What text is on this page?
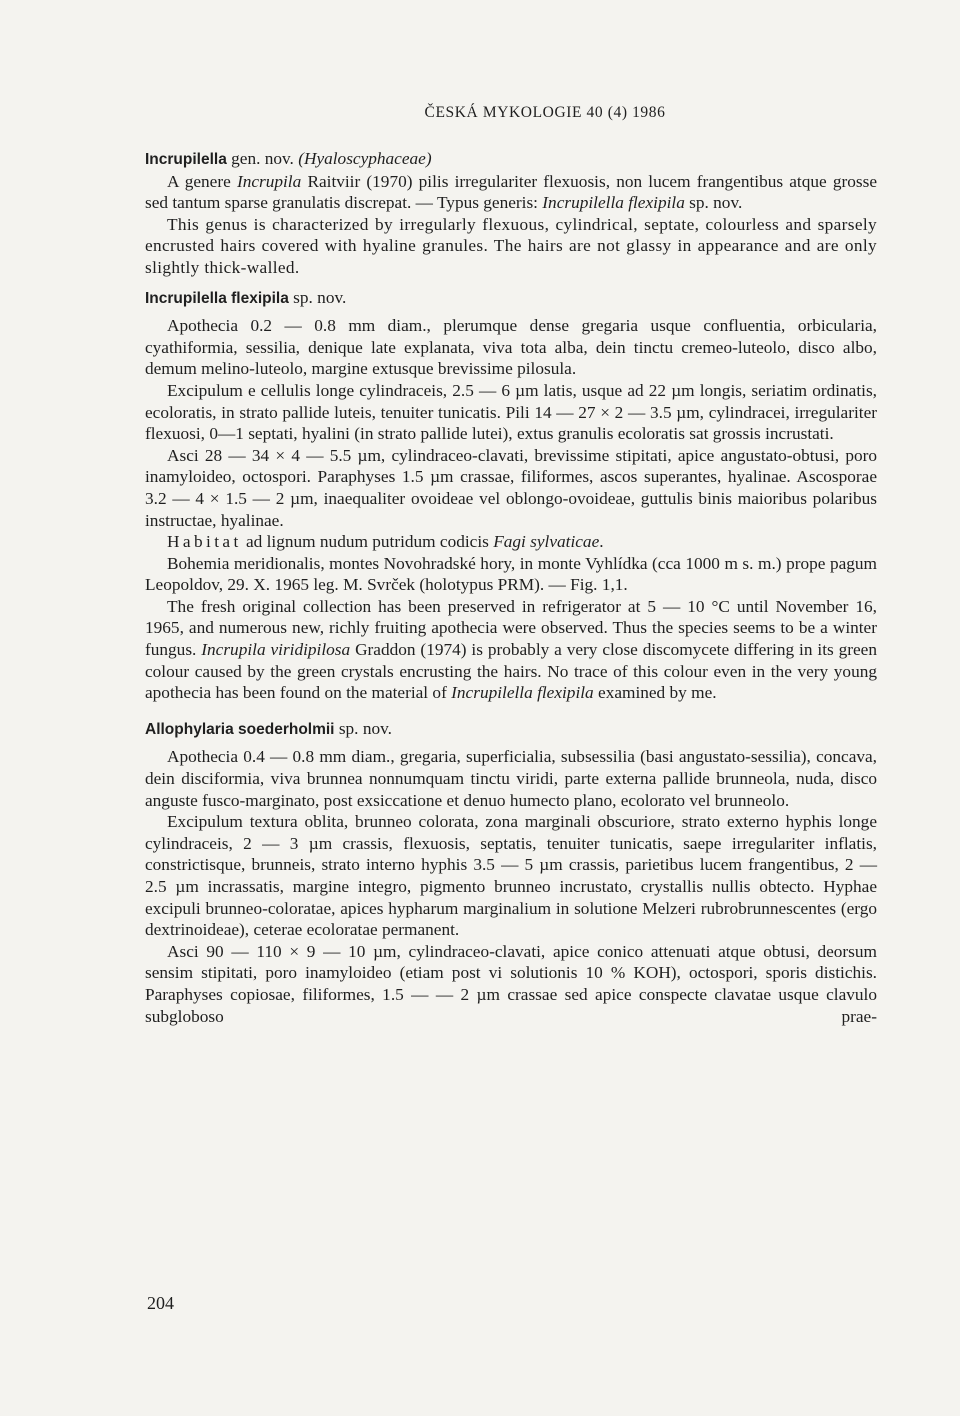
ČESKÁ MYKOLOGIE 40 (4) 1986

Incrupilella gen. nov. (Hyaloscyphaceae)

A genere Incrupila Raitviir (1970) pilis irregulariter flexuosis, non lucem frangentibus atque grosse sed tantum sparse granulatis discrepat. — Typus generis: Incrupilella flexipila sp. nov.

This genus is characterized by irregularly flexuous, cylindrical, septate, colourless and sparsely encrusted hairs covered with hyaline granules. The hairs are not glassy in appearance and are only slightly thick-walled.

Incrupilella flexipila sp. nov.

Apothecia 0.2 — 0.8 mm diam., plerumque dense gregaria usque confluentia, orbicularia, cyathiformia, sessilia, denique late explanata, viva tota alba, dein tinctu cremeo-luteolo, disco albo, demum melino-luteolo, margine extusque brevissime pilosula.

Excipulum e cellulis longe cylindraceis, 2.5 — 6 µm latis, usque ad 22 µm longis, seriatim ordinatis, ecoloratis, in strato pallide luteis, tenuiter tunicatis. Pili 14 — 27 × 2 — 3.5 µm, cylindracei, irregulariter flexuosi, 0—1 septati, hyalini (in strato pallide lutei), extus granulis ecoloratis sat grossis incrustati.

Asci 28 — 34 × 4 — 5.5 µm, cylindraceo-clavati, brevissime stipitati, apice angustato-obtusi, poro inamyloideo, octospori. Paraphyses 1.5 µm crassae, filiformes, ascos superantes, hyalinae. Ascosporae 3.2 — 4 × 1.5 — 2 µm, inaequaliter ovoideae vel oblongo-ovoideae, guttulis binis maioribus polaribus instructae, hyalinae.

Habitat ad lignum nudum putridum codicis Fagi sylvaticae.

Bohemia meridionalis, montes Novohradské hory, in monte Vyhlídka (cca 1000 m s. m.) prope pagum Leopoldov, 29. X. 1965 leg. M. Svrček (holotypus PRM). — Fig. 1,1.

The fresh original collection has been preserved in refrigerator at 5 — 10 °C until November 16, 1965, and numerous new, richly fruiting apothecia were observed. Thus the species seems to be a winter fungus. Incrupila viridipilosa Graddon (1974) is probably a very close discomycete differing in its green colour caused by the green crystals encrusting the hairs. No trace of this colour even in the very young apothecia has been found on the material of Incrupilella flexipila examined by me.

Allophylaria soederholmii sp. nov.

Apothecia 0.4 — 0.8 mm diam., gregaria, superficialia, subsessilia (basi angustato-sessilia), concava, dein disciformia, viva brunnea nonnumquam tinctu viridi, parte externa pallide brunneola, nuda, disco anguste fusco-marginato, post exsiccatione et denuo humecto plano, ecolorato vel brunneolo.

Excipulum textura oblita, brunneo colorata, zona marginali obscuriore, strato externo hyphis longe cylindraceis, 2 — 3 µm crassis, flexuosis, septatis, tenuiter tunicatis, saepe irregulariter inflatis, constrictisque, brunneis, strato interno hyphis 3.5 — 5 µm crassis, parietibus lucem frangentibus, 2 — 2.5 µm incrassatis, margine integro, pigmento brunneo incrustato, crystallis nullis obtecto. Hyphae excipuli brunneo-coloratae, apices hypharum marginalium in solutione Melzeri rubrobrunnescentes (ergo dextrinoideae), ceterae ecoloratae permanent.

Asci 90 — 110 × 9 — 10 µm, cylindraceo-clavati, apice conico attenuati atque obtusi, deorsum sensim stipitati, poro inamyloideo (etiam post vi solutionis 10 % KOH), octospori, sporis distichis. Paraphyses copiosae, filiformes, 1.5 — — 2 µm crassae sed apice conspecte clavatae usque clavulo subgloboso prae-

204
